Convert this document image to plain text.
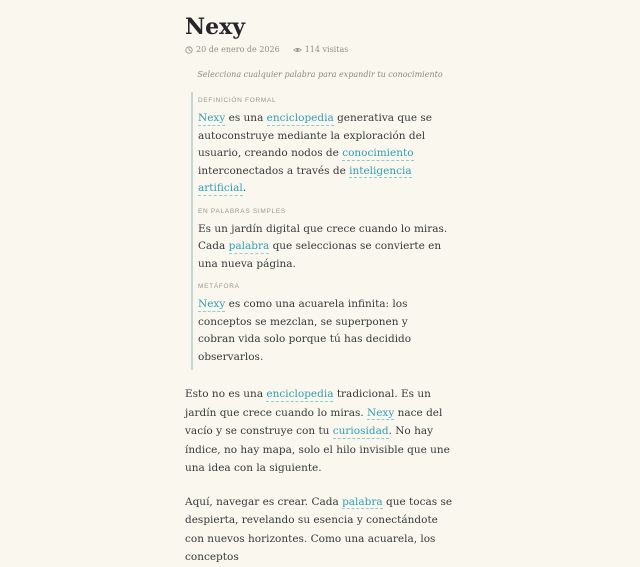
Nexy
20 de enero de 2026	114 visitas
Selecciona cualquier palabra para expandir tu conocimiento
DEFINICIÓN FORMAL

Nexy es una enciclopedia generativa que se autoconstruye mediante la exploración del usuario, creando nodos de conocimiento interconectados a través de inteligencia artificial.

EN PALABRAS SIMPLES

Es un jardín digital que crece cuando lo miras. Cada palabra que seleccionas se convierte en una nueva página.

METÁFORA

Nexy es como una acuarela infinita: los conceptos se mezclan, se superponen y cobran vida solo porque tú has decidido observarlos.

Esto no es una enciclopedia tradicional. Es un jardín que crece cuando lo miras. Nexy nace del vacío y se construye con tu curiosidad. No hay índice, no hay mapa, solo el hilo invisible que une una idea con la siguiente.

Aquí, navegar es crear. Cada palabra que tocas se despierta, revelando su esencia y conectándote con nuevos horizontes. Como una acuarela, los conceptos
